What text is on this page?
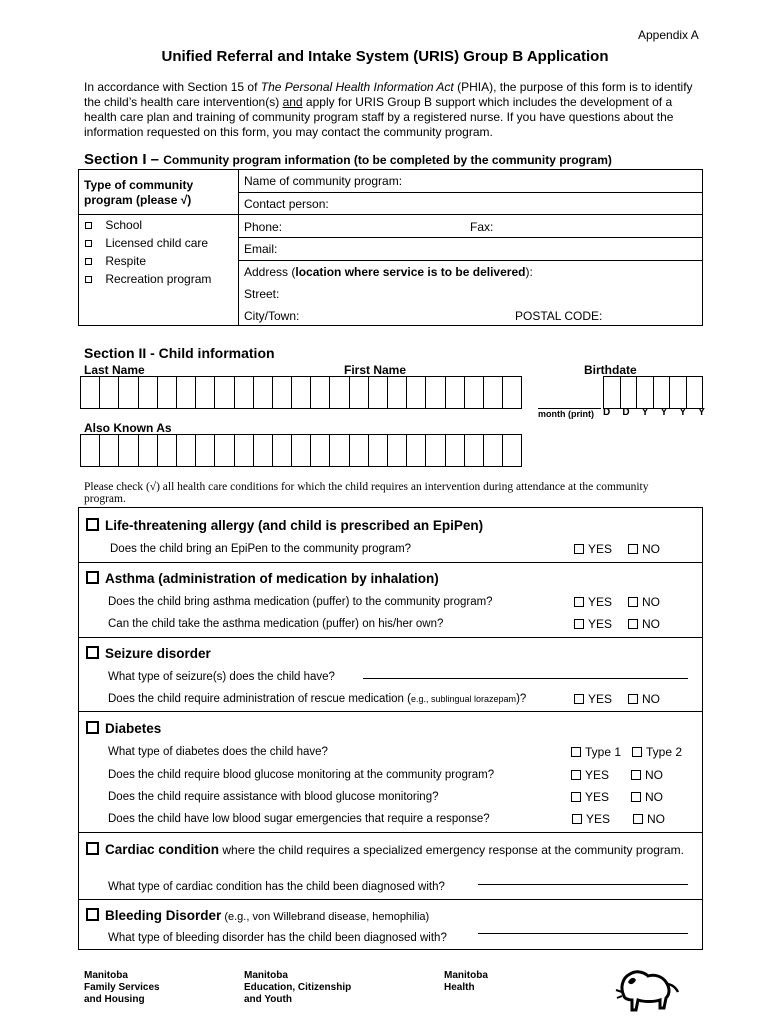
Appendix A
Unified Referral and Intake System (URIS) Group B Application
In accordance with Section 15 of The Personal Health Information Act (PHIA), the purpose of this form is to identify the child’s health care intervention(s) and apply for URIS Group B support which includes the development of a health care plan and training of community program staff by a registered nurse. If you have questions about the information requested on this form, you may contact the community program.
Section I – Community program information (to be completed by the community program)
Type of community program (please √)
School
Licensed child care
Respite
Recreation program
Name of community program:
Contact person:
Phone:	Fax:
Email:
Address (location where service is to be delivered):
Street:
City/Town:	POSTAL CODE:
Section II - Child information
Last Name	First Name	Birthdate
month (print) D D Y Y Y Y
Also Known As
Please check (√) all health care conditions for which the child requires an intervention during attendance at the community program.
Life-threatening allergy (and child is prescribed an EpiPen)
Does the child bring an EpiPen to the community program?	YES	NO
Asthma (administration of medication by inhalation)
Does the child bring asthma medication (puffer) to the community program?	YES	NO
Can the child take the asthma medication (puffer) on his/her own?	YES	NO
Seizure disorder
What type of seizure(s) does the child have?
Does the child require administration of rescue medication (e.g., sublingual lorazepam)?	YES	NO
Diabetes
What type of diabetes does the child have?	Type 1	Type 2
Does the child require blood glucose monitoring at the community program?	YES	NO
Does the child require assistance with blood glucose monitoring?	YES	NO
Does the child have low blood sugar emergencies that require a response?	YES	NO
Cardiac condition where the child requires a specialized emergency response at the community program.
What type of cardiac condition has the child been diagnosed with?
Bleeding Disorder (e.g., von Willebrand disease, hemophilia)
What type of bleeding disorder has the child been diagnosed with?
Manitoba
Family Services
and Housing
Manitoba
Education, Citizenship
and Youth
Manitoba
Health
